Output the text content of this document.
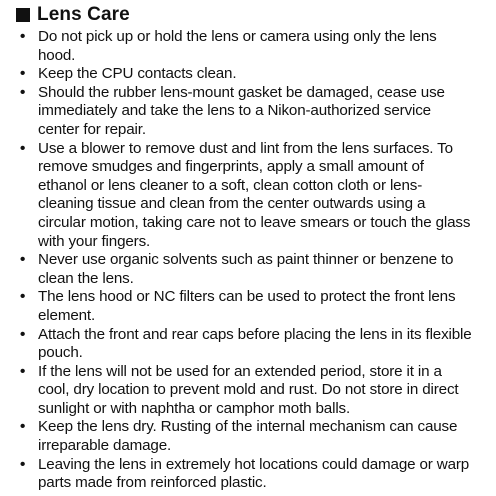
Lens Care
• Do not pick up or hold the lens or camera using only the lens hood.
• Keep the CPU contacts clean.
• Should the rubber lens-mount gasket be damaged, cease use immediately and take the lens to a Nikon-authorized service center for repair.
• Use a blower to remove dust and lint from the lens surfaces. To remove smudges and fingerprints, apply a small amount of ethanol or lens cleaner to a soft, clean cotton cloth or lens-cleaning tissue and clean from the center outwards using a circular motion, taking care not to leave smears or touch the glass with your fingers.
• Never use organic solvents such as paint thinner or benzene to clean the lens.
• The lens hood or NC filters can be used to protect the front lens element.
• Attach the front and rear caps before placing the lens in its flexible pouch.
• If the lens will not be used for an extended period, store it in a cool, dry location to prevent mold and rust. Do not store in direct sunlight or with naphtha or camphor moth balls.
• Keep the lens dry. Rusting of the internal mechanism can cause irreparable damage.
• Leaving the lens in extremely hot locations could damage or warp parts made from reinforced plastic.
